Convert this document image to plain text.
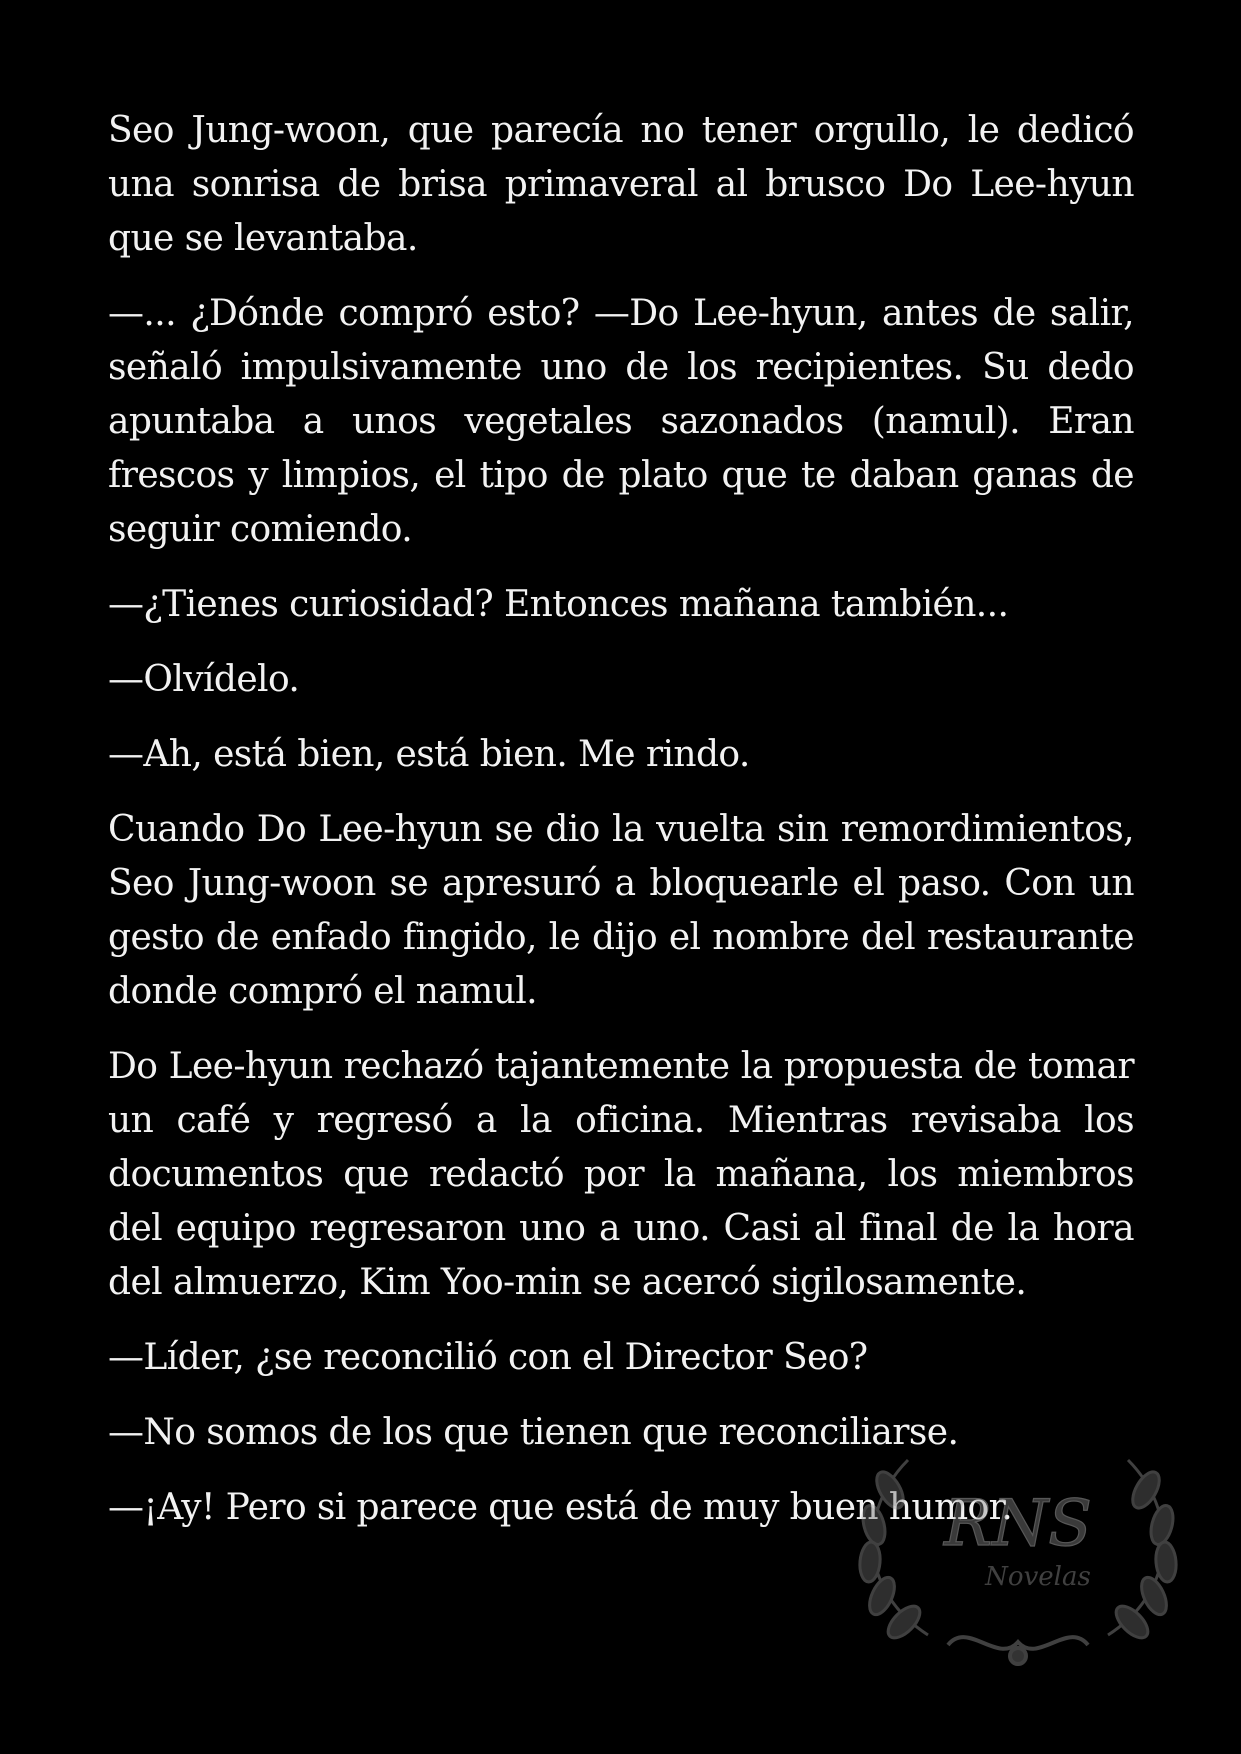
Seo Jung-woon, que parecía no tener orgullo, le dedicó una sonrisa de brisa primaveral al brusco Do Lee-hyun que se levantaba.

—... ¿Dónde compró esto? —Do Lee-hyun, antes de salir, señaló impulsivamente uno de los recipientes. Su dedo apuntaba a unos vegetales sazonados (namul). Eran frescos y limpios, el tipo de plato que te daban ganas de seguir comiendo.

—¿Tienes curiosidad? Entonces mañana también...

—Olvídelo.

—Ah, está bien, está bien. Me rindo.

Cuando Do Lee-hyun se dio la vuelta sin remordimientos, Seo Jung-woon se apresuró a bloquearle el paso. Con un gesto de enfado fingido, le dijo el nombre del restaurante donde compró el namul.

Do Lee-hyun rechazó tajantemente la propuesta de tomar un café y regresó a la oficina. Mientras revisaba los documentos que redactó por la mañana, los miembros del equipo regresaron uno a uno. Casi al final de la hora del almuerzo, Kim Yoo-min se acercó sigilosamente.

—Líder, ¿se reconcilió con el Director Seo?

—No somos de los que tienen que reconciliarse.

—¡Ay! Pero si parece que está de muy buen humor.

RNS
Novelas
